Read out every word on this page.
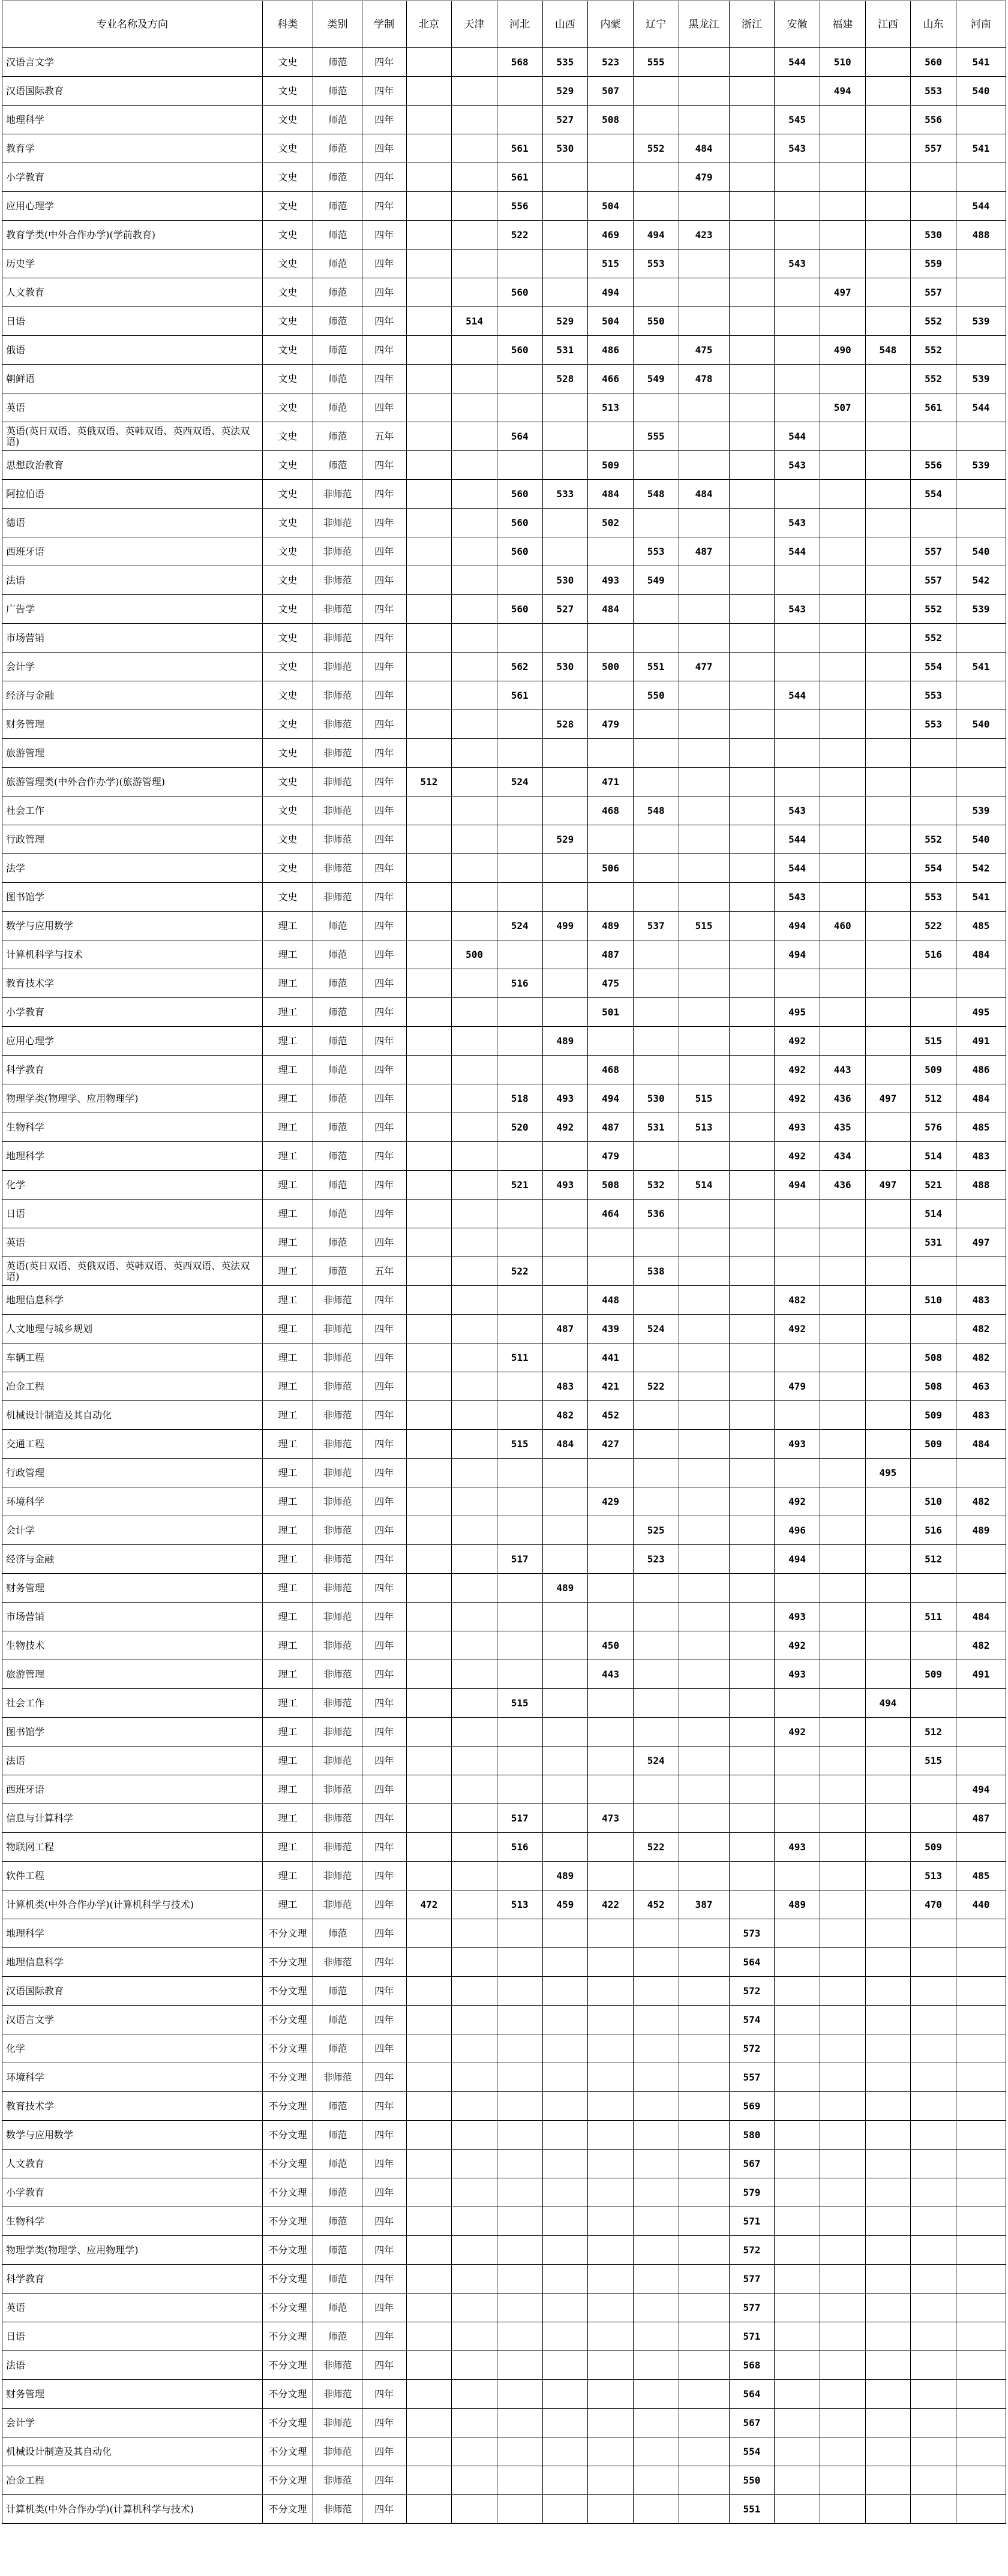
专业名称及方向	科类	类别	学制	北京	天津	河北	山西	内蒙	辽宁	黑龙江	浙江	安徽	福建	江西	山东	河南
汉语言文学	文史	师范	四年			568	535	523	555			544	510		560	541
汉语国际教育	文史	师范	四年				529	507					494		553	540
地理科学	文史	师范	四年				527	508				545			556	
教育学	文史	师范	四年			561	530		552	484		543			557	541
小学教育	文史	师范	四年			561				479						
应用心理学	文史	师范	四年			556		504								544
教育学类(中外合作办学)(学前教育)	文史	师范	四年			522		469	494	423					530	488
历史学	文史	师范	四年					515	553			543			559	
人文教育	文史	师范	四年			560		494					497		557	
日语	文史	师范	四年		514		529	504	550						552	539
俄语	文史	师范	四年			560	531	486		475			490	548	552	
朝鲜语	文史	师范	四年				528	466	549	478					552	539
英语	文史	师范	四年					513					507		561	544
英语(英日双语、英俄双语、英韩双语、英西双语、英法双语)	文史	师范	五年			564			555			544				
思想政治教育	文史	师范	四年					509				543			556	539
阿拉伯语	文史	非师范	四年			560	533	484	548	484					554	
德语	文史	非师范	四年			560		502				543				
西班牙语	文史	非师范	四年			560			553	487		544			557	540
法语	文史	非师范	四年				530	493	549						557	542
广告学	文史	非师范	四年			560	527	484				543			552	539
市场营销	文史	非师范	四年												552	
会计学	文史	非师范	四年			562	530	500	551	477					554	541
经济与金融	文史	非师范	四年			561			550			544			553	
财务管理	文史	非师范	四年				528	479							553	540
旅游管理	文史	非师范	四年													
旅游管理类(中外合作办学)(旅游管理)	文史	非师范	四年	512		524		471								
社会工作	文史	非师范	四年					468	548			543				539
行政管理	文史	非师范	四年				529					544			552	540
法学	文史	非师范	四年					506				544			554	542
图书馆学	文史	非师范	四年									543			553	541
数学与应用数学	理工	师范	四年			524	499	489	537	515		494	460		522	485
计算机科学与技术	理工	师范	四年		500			487				494			516	484
教育技术学	理工	师范	四年			516		475								
小学教育	理工	师范	四年					501				495				495
应用心理学	理工	师范	四年				489					492			515	491
科学教育	理工	师范	四年					468				492	443		509	486
物理学类(物理学、应用物理学)	理工	师范	四年			518	493	494	530	515		492	436	497	512	484
生物科学	理工	师范	四年			520	492	487	531	513		493	435		576	485
地理科学	理工	师范	四年					479				492	434		514	483
化学	理工	师范	四年			521	493	508	532	514		494	436	497	521	488
日语	理工	师范	四年					464	536						514	
英语	理工	师范	四年												531	497
英语(英日双语、英俄双语、英韩双语、英西双语、英法双语)	理工	师范	五年			522			538							
地理信息科学	理工	非师范	四年					448				482			510	483
人文地理与城乡规划	理工	非师范	四年				487	439	524			492				482
车辆工程	理工	非师范	四年			511		441							508	482
冶金工程	理工	非师范	四年				483	421	522			479			508	463
机械设计制造及其自动化	理工	非师范	四年				482	452							509	483
交通工程	理工	非师范	四年			515	484	427				493			509	484
行政管理	理工	非师范	四年											495		
环境科学	理工	非师范	四年					429				492			510	482
会计学	理工	非师范	四年						525			496			516	489
经济与金融	理工	非师范	四年			517			523			494			512	
财务管理	理工	非师范	四年				489									
市场营销	理工	非师范	四年									493			511	484
生物技术	理工	非师范	四年					450				492				482
旅游管理	理工	非师范	四年					443				493			509	491
社会工作	理工	非师范	四年			515								494		
图书馆学	理工	非师范	四年									492			512	
法语	理工	非师范	四年						524						515	
西班牙语	理工	非师范	四年													494
信息与计算科学	理工	非师范	四年			517		473								487
物联网工程	理工	非师范	四年			516			522			493			509	
软件工程	理工	非师范	四年				489								513	485
计算机类(中外合作办学)(计算机科学与技术)	理工	非师范	四年	472		513	459	422	452	387		489			470	440
地理科学	不分文理	师范	四年								573					
地理信息科学	不分文理	非师范	四年								564					
汉语国际教育	不分文理	师范	四年								572					
汉语言文学	不分文理	师范	四年								574					
化学	不分文理	师范	四年								572					
环境科学	不分文理	非师范	四年								557					
教育技术学	不分文理	师范	四年								569					
数学与应用数学	不分文理	师范	四年								580					
人文教育	不分文理	师范	四年								567					
小学教育	不分文理	师范	四年								579					
生物科学	不分文理	师范	四年								571					
物理学类(物理学、应用物理学)	不分文理	师范	四年								572					
科学教育	不分文理	师范	四年								577					
英语	不分文理	师范	四年								577					
日语	不分文理	师范	四年								571					
法语	不分文理	非师范	四年								568					
财务管理	不分文理	非师范	四年								564					
会计学	不分文理	非师范	四年								567					
机械设计制造及其自动化	不分文理	非师范	四年								554					
冶金工程	不分文理	非师范	四年								550					
计算机类(中外合作办学)(计算机科学与技术)	不分文理	非师范	四年								551					
